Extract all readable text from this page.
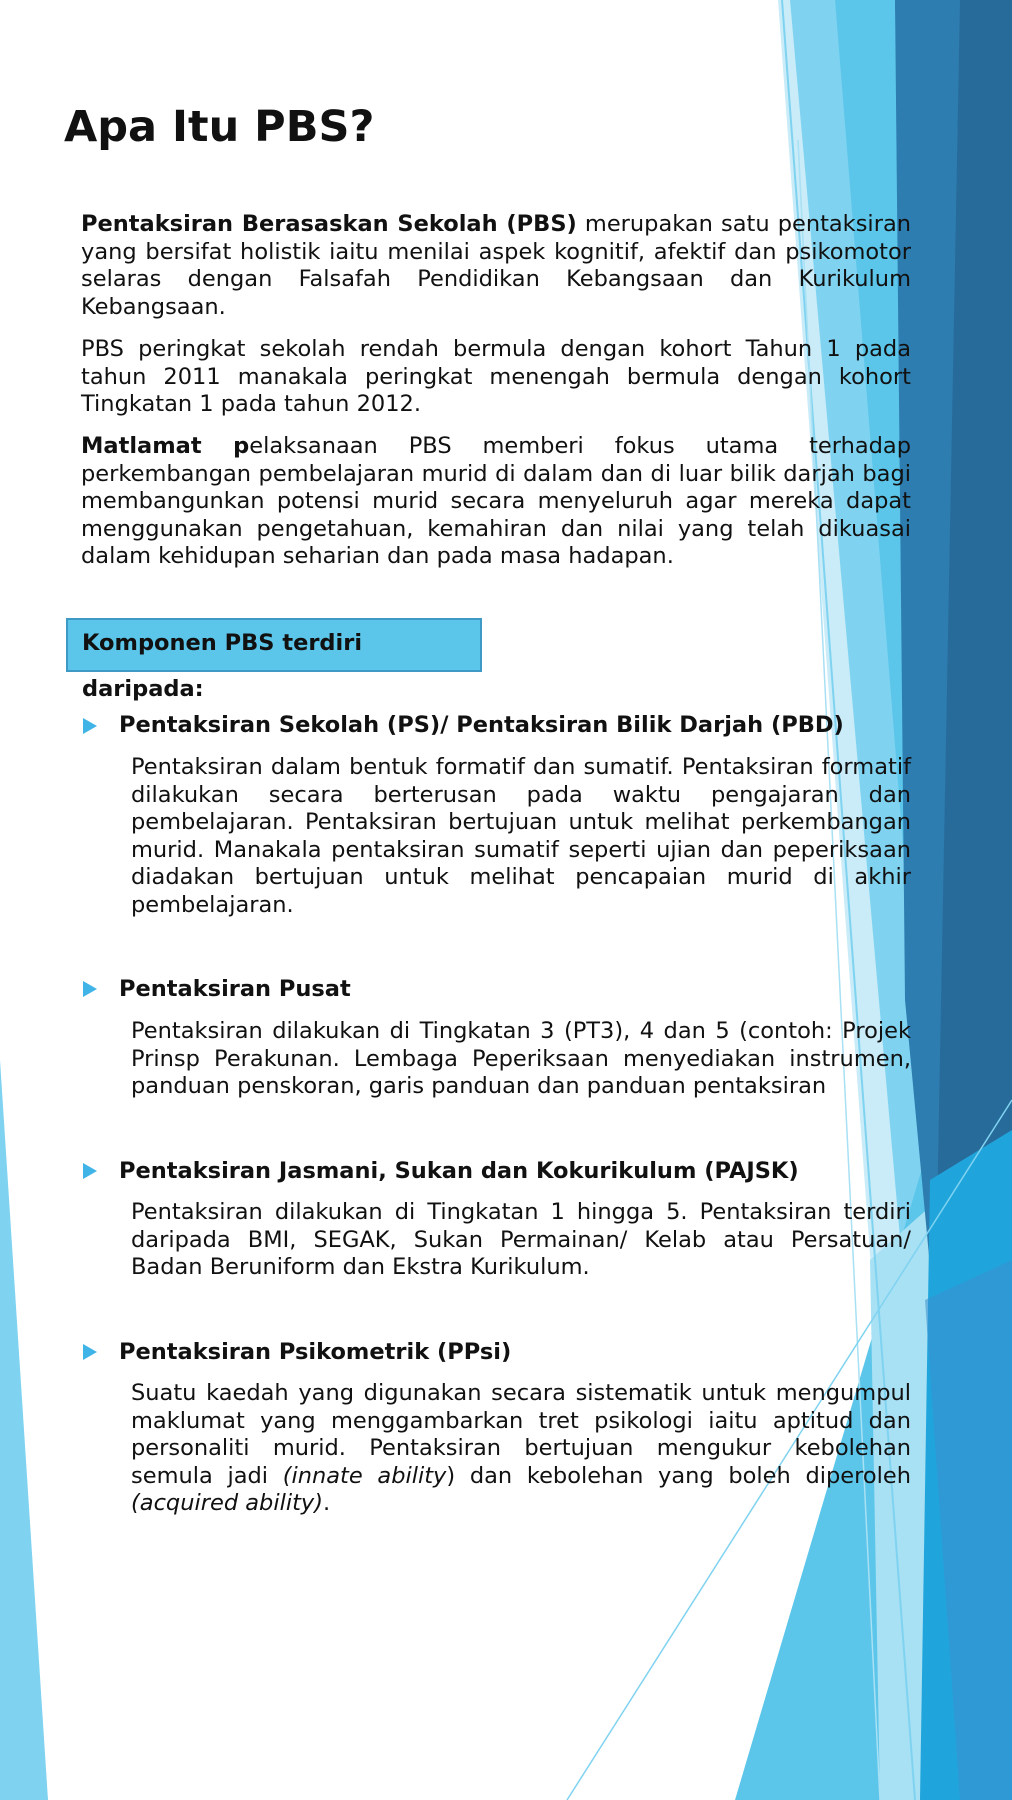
Apa Itu PBS?

Pentaksiran Berasaskan Sekolah (PBS) merupakan satu pentaksiran yang bersifat holistik iaitu menilai aspek kognitif, afektif dan psikomotor selaras dengan Falsafah Pendidikan Kebangsaan dan Kurikulum Kebangsaan.

PBS peringkat sekolah rendah bermula dengan kohort Tahun 1 pada tahun 2011 manakala peringkat menengah bermula dengan kohort Tingkatan 1 pada tahun 2012.

Matlamat pelaksanaan PBS memberi fokus utama terhadap perkembangan pembelajaran murid di dalam dan di luar bilik darjah bagi membangunkan potensi murid secara menyeluruh agar mereka dapat menggunakan pengetahuan, kemahiran dan nilai yang telah dikuasai dalam kehidupan seharian dan pada masa hadapan.

Komponen PBS terdiri daripada:
Pentaksiran Sekolah (PS)/ Pentaksiran Bilik Darjah (PBD)

Pentaksiran dalam bentuk formatif dan sumatif. Pentaksiran formatif dilakukan secara berterusan pada waktu pengajaran dan pembelajaran. Pentaksiran bertujuan untuk melihat perkembangan murid. Manakala pentaksiran sumatif seperti ujian dan peperiksaan diadakan bertujuan untuk melihat pencapaian murid di akhir pembelajaran.

Pentaksiran Pusat

Pentaksiran dilakukan di Tingkatan 3 (PT3), 4 dan 5 (contoh: Projek Prinsp Perakunan. Lembaga Peperiksaan menyediakan instrumen, panduan penskoran, garis panduan dan panduan pentaksiran

Pentaksiran Jasmani, Sukan dan Kokurikulum (PAJSK)

Pentaksiran dilakukan di Tingkatan 1 hingga 5. Pentaksiran terdiri daripada BMI, SEGAK, Sukan Permainan/ Kelab atau Persatuan/ Badan Beruniform dan Ekstra Kurikulum.

Pentaksiran Psikometrik (PPsi)

Suatu kaedah yang digunakan secara sistematik untuk mengumpul maklumat yang menggambarkan tret psikologi iaitu aptitud dan personaliti murid. Pentaksiran bertujuan mengukur kebolehan semula jadi (innate ability) dan kebolehan yang boleh diperoleh (acquired ability).
